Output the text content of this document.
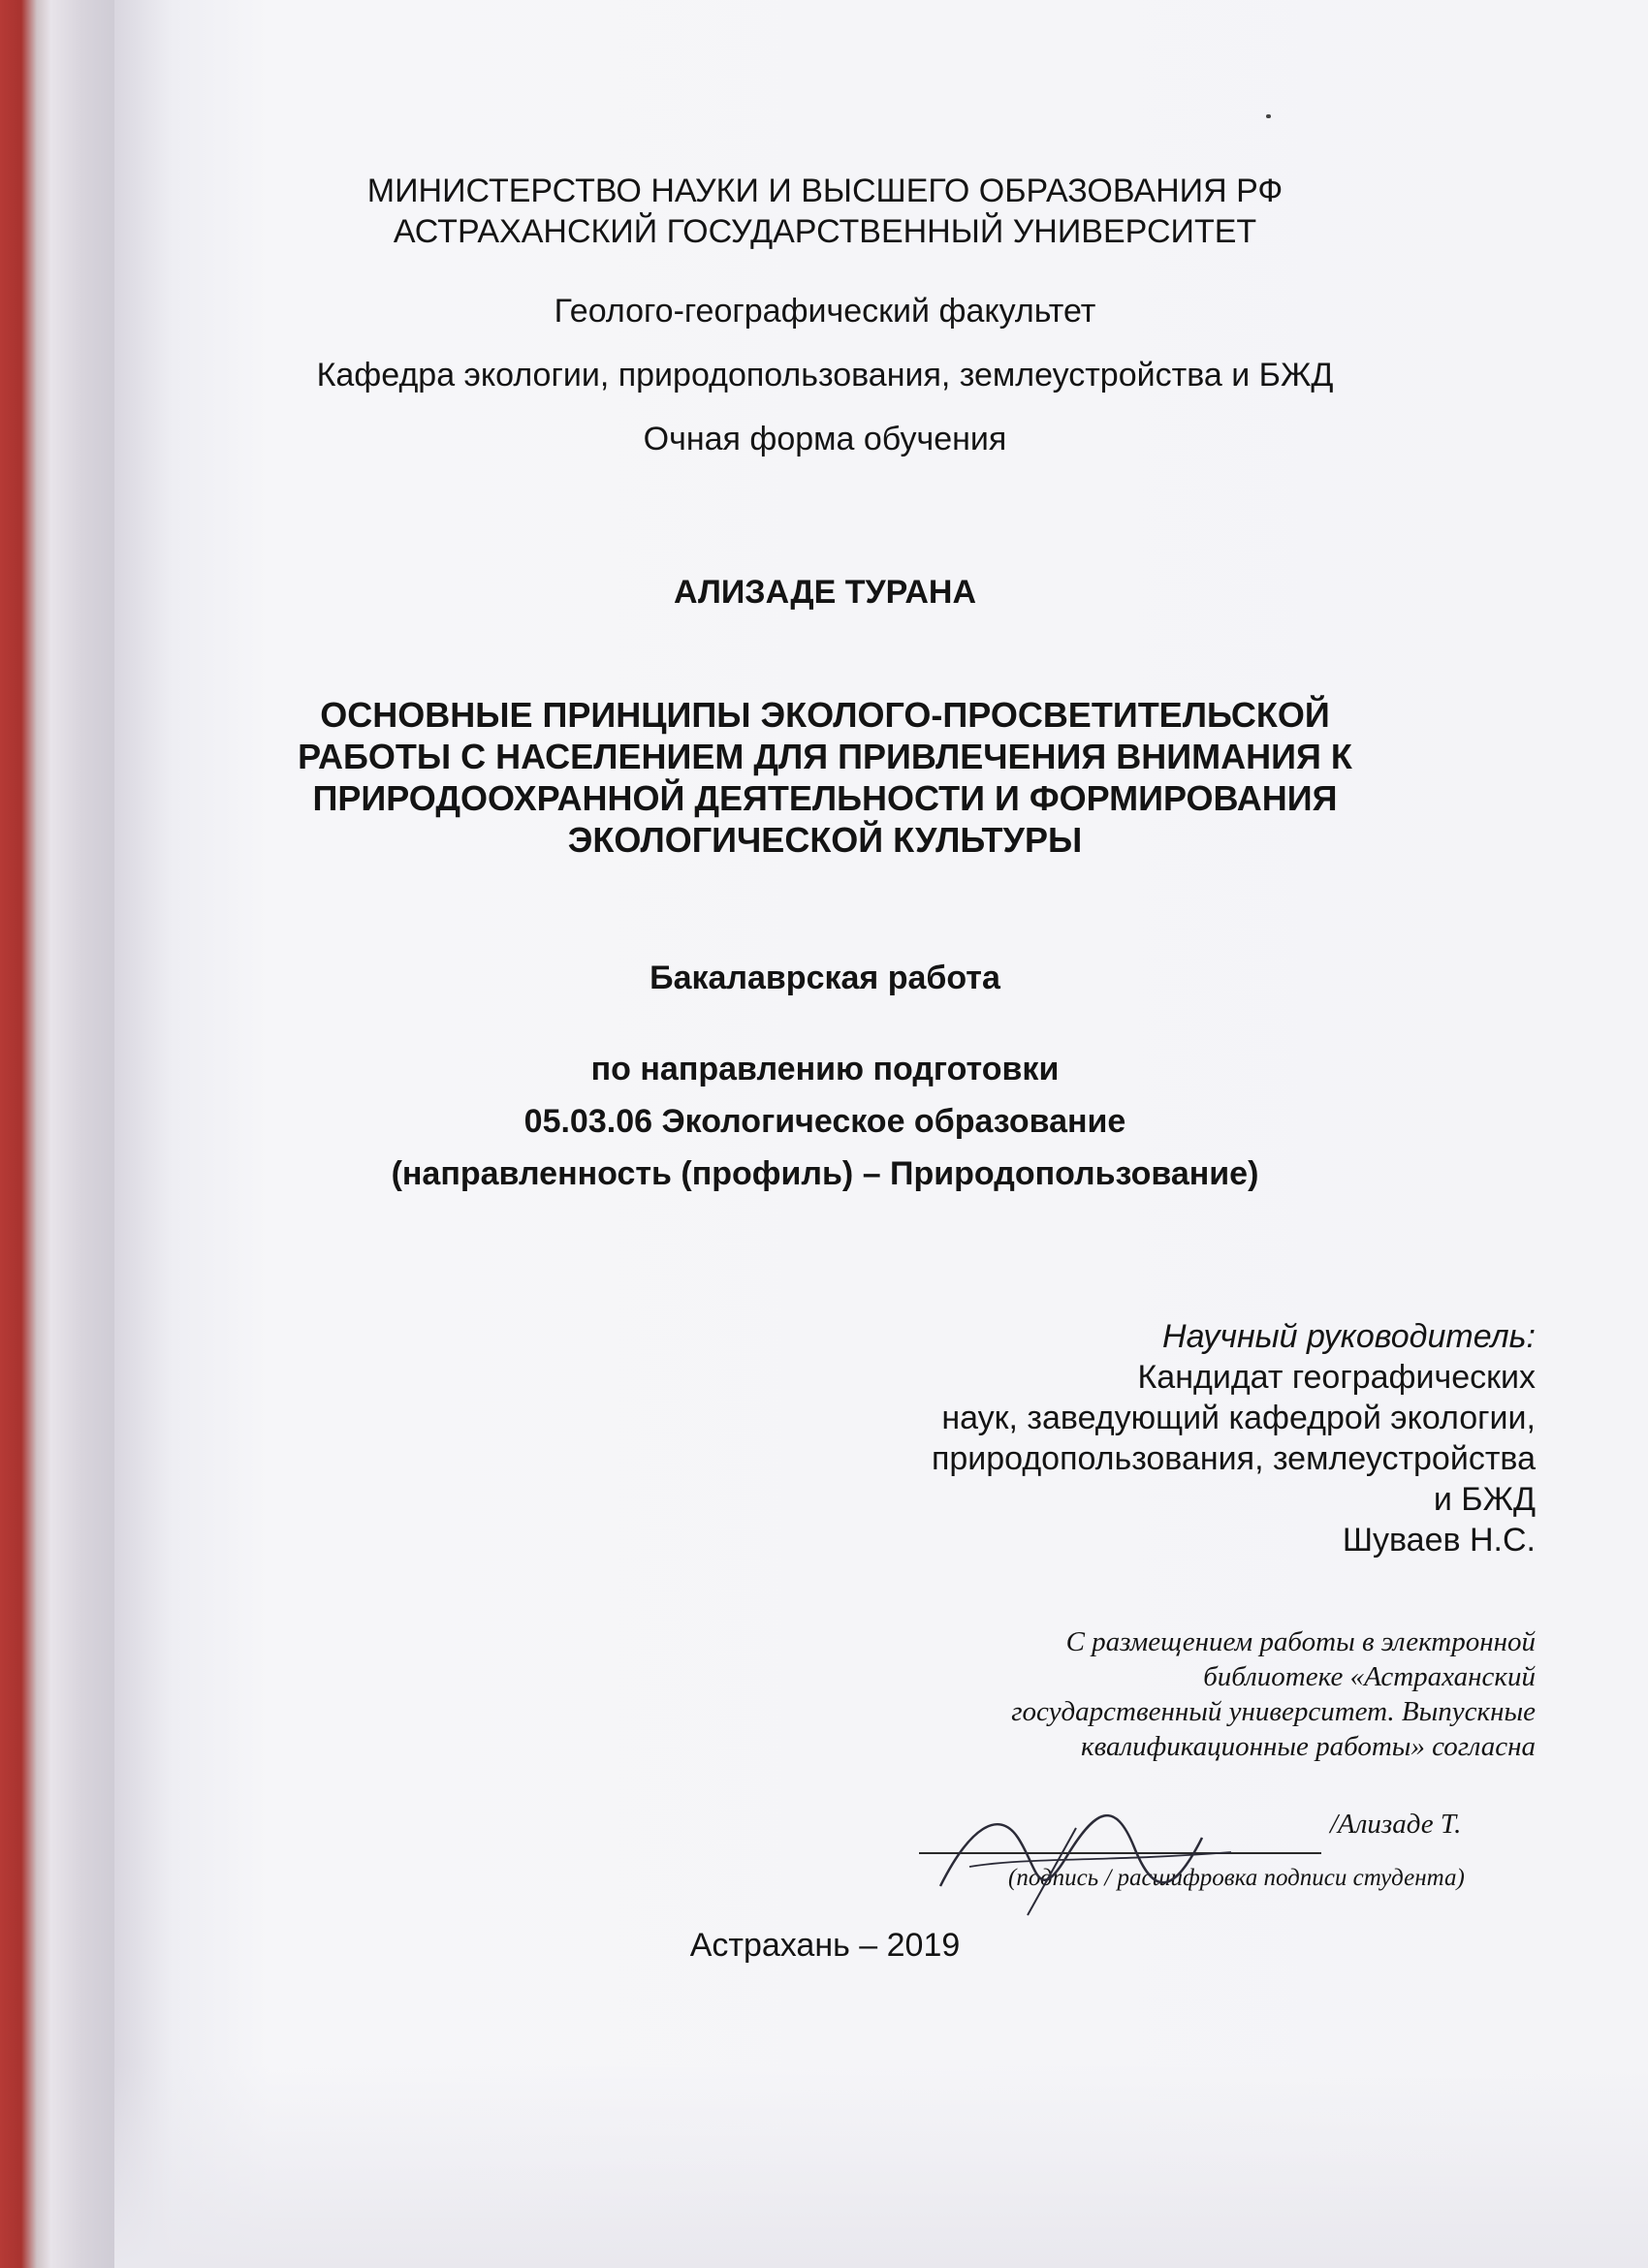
МИНИСТЕРСТВО НАУКИ И ВЫСШЕГО ОБРАЗОВАНИЯ РФ
АСТРАХАНСКИЙ ГОСУДАРСТВЕННЫЙ УНИВЕРСИТЕТ
Геолого-географический факультет
Кафедра экологии, природопользования, землеустройства и БЖД
Очная форма обучения
АЛИЗАДЕ ТУРАНА
ОСНОВНЫЕ ПРИНЦИПЫ ЭКОЛОГО-ПРОСВЕТИТЕЛЬСКОЙ
РАБОТЫ С НАСЕЛЕНИЕМ ДЛЯ ПРИВЛЕЧЕНИЯ ВНИМАНИЯ К
ПРИРОДООХРАННОЙ ДЕЯТЕЛЬНОСТИ И ФОРМИРОВАНИЯ
ЭКОЛОГИЧЕСКОЙ КУЛЬТУРЫ
Бакалаврская работа
по направлению подготовки
05.03.06 Экологическое образование
(направленность (профиль) – Природопользование)
Научный руководитель:
Кандидат географических
наук, заведующий кафедрой экологии,
природопользования, землеустройства
и БЖД
Шуваев Н.С.
С размещением работы в электронной
библиотеке «Астраханский
государственный университет. Выпускные
квалификационные работы» согласна
/Ализаде Т.
(подпись / расшифровка подписи студента)
Астрахань – 2019
